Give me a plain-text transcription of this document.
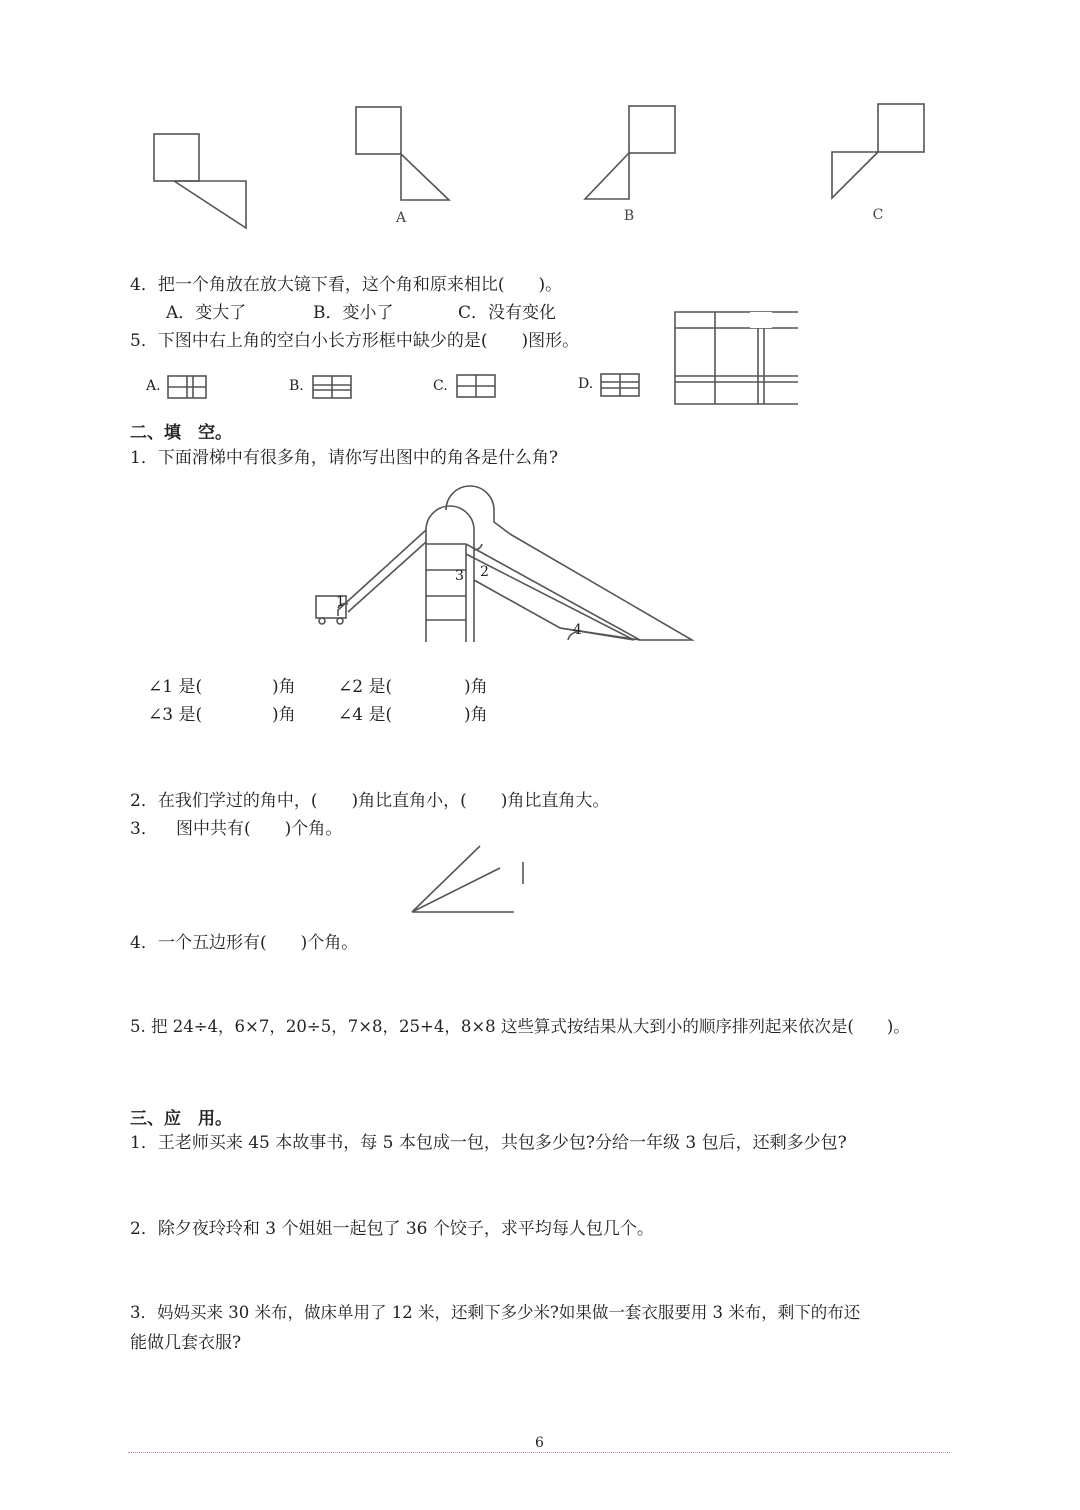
A	B	C
4．把一个角放在放大镜下看，这个角和原来相比(　　)。
A．变大了	B．变小了	C．没有变化
5．下图中右上角的空白小长方形框中缺少的是(　　)图形。
A.	B.	C.	D.
二、填　空。
1．下面滑梯中有很多角，请你写出图中的角各是什么角?
1
2
3
4
∠1 是(	)角 ∠2 是(	)角
∠3 是(	)角 ∠4 是(	)角
2．在我们学过的角中，(　　)角比直角小，(　　)角比直角大。
3． 图中共有(　　)个角。
4． 一个五边形有(　　)个角。
5. 把 24÷4，6×7，20÷5，7×8，25+4，8×8 这些算式按结果从大到小的顺序排列起来依次是(　　)。
三、应　用。
1．王老师买来 45 本故事书，每 5 本包成一包，共包多少包?分给一年级 3 包后，还剩多少包?
2．除夕夜玲玲和 3 个姐姐一起包了 36 个饺子，求平均每人包几个。
3．妈妈买来 30 米布，做床单用了 12 米，还剩下多少米?如果做一套衣服要用 3 米布，剩下的布还
能做几套衣服?
6
